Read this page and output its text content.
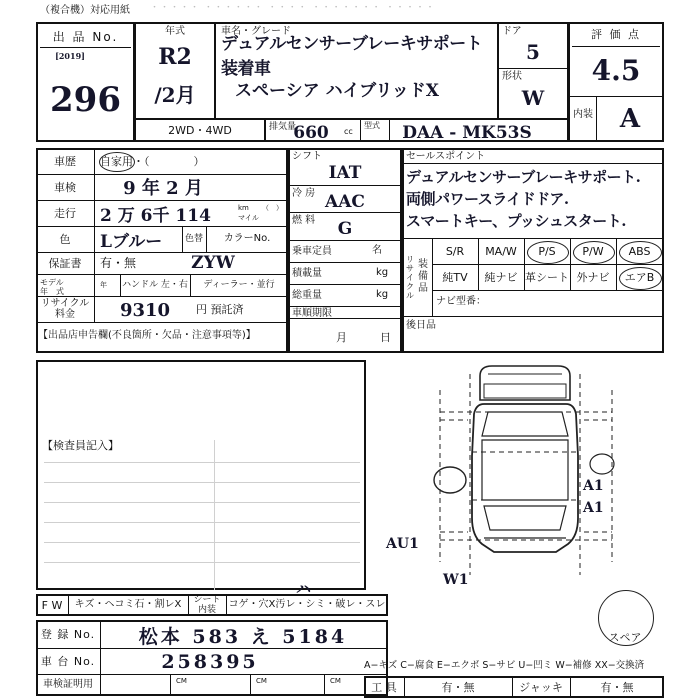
・・・・・ ・・・・・・ ・・・・ ・・・・・・・ ・・・・・
（複合機）対応用紙
出 品 No.
[2019]
296
年式
R2
/2月
車名・グレード
デュアルセンサーブレーキサポート装着車
スペーシア ハイブリッドX
ドア
5
形状
W
評 価 点
4.5
内装	A
2WD・4WD	排気量
660	cc
型式	DAA - MK53S
車歴	自家用・（　　　　）
車検	9 年 2 月
走行	2 万 6千 114	km
マイル
（　）
色	Lブルー	色替	カラーNo.
保証書	有・無	ZYW
モデル
年　式
年	ハンドル 左・右	ディーラー・並行
リサイクル料金	9310	円 預託済
【出品店申告欄(不良箇所・欠品・注意事項等)】
シフト
IAT
冷 房 AAC
燃 料	G
乗車定員	名
積載量	kg
総重量	kg
車順期限
月	日
セールスポイント
デュアルセンサーブレーキサポート.
両側パワースライドドア.
スマートキー、プッシュスタート.
リ
サ
イ
ク
ル
装
備
品
S/R	MA/W	P/S	P/W	ABS
純TV	純ナビ 革シート 外ナビ	エアB
ナビ型番：
後日品
【検査員記入】
スペア
A1
A1
AU1
W1
F W	キズ・ヘコミ石・割レX	シート
内装	コゲ・穴X汚レ・シミ・破レ・スレ
ハ
登 録 No.	松本 583 え 5184
車 台 No.	258395
車検証明用	CM	CM	CM
A−キズ C−腐食 E−エクボ S−サビ U−凹ミ W−補修 XX−交換済
工 具	有・無	ジャッキ	有・無
